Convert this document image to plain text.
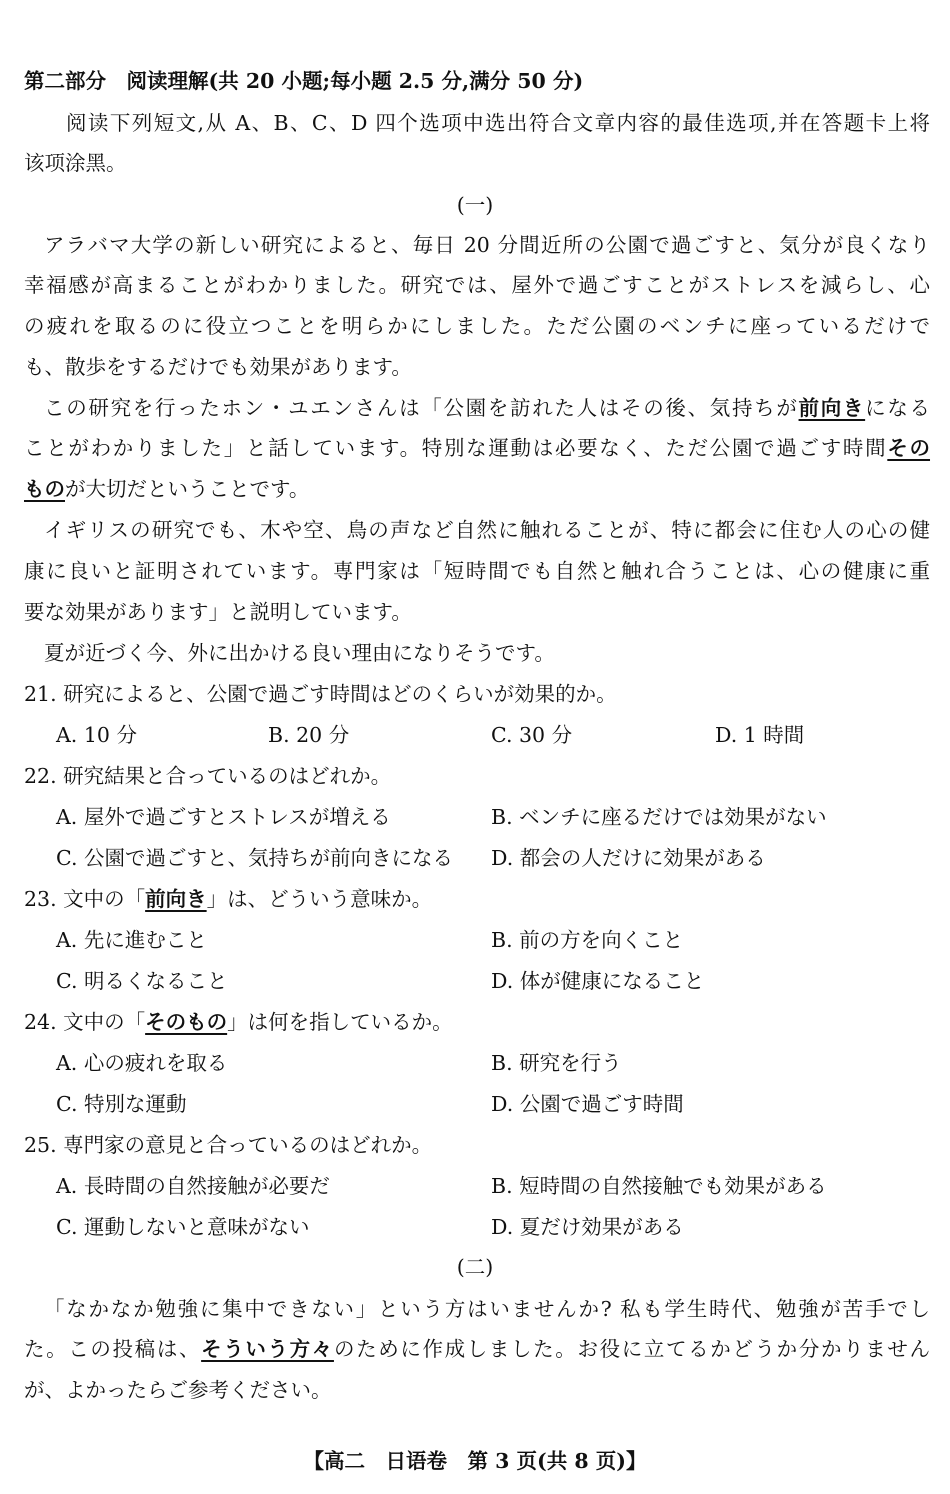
第二部分　阅读理解(共 20 小题;每小题 2.5 分,满分 50 分)

阅读下列短文,从 A、B、C、D 四个选项中选出符合文章内容的最佳选项,并在答题卡上将

该项涂黑。

(一)

アラバマ大学の新しい研究によると、毎日 20 分間近所の公園で過ごすと、気分が良くなり

幸福感が高まることがわかりました。研究では、屋外で過ごすことがストレスを減らし、心

の疲れを取るのに役立つことを明らかにしました。ただ公園のベンチに座っているだけで

も、散歩をするだけでも効果があります。

この研究を行ったホン・ユエンさんは「公園を訪れた人はその後、気持ちが前向きになる

ことがわかりました」と話しています。特別な運動は必要なく、ただ公園で過ごす時間その

ものが大切だということです。

イギリスの研究でも、木や空、鳥の声など自然に触れることが、特に都会に住む人の心の健

康に良いと証明されています。専門家は「短時間でも自然と触れ合うことは、心の健康に重

要な効果があります」と説明しています。

夏が近づく今、外に出かける良い理由になりそうです。

21. 研究によると、公園で過ごす時間はどのくらいが効果的か。

A. 10 分	B. 20 分	C. 30 分	D. 1 時間

22. 研究結果と合っているのはどれか。

A. 屋外で過ごすとストレスが増える	B. ベンチに座るだけでは効果がない

C. 公園で過ごすと、気持ちが前向きになる D. 都会の人だけに効果がある

23. 文中の「前向き」は、どういう意味か。

A. 先に進むこと	B. 前の方を向くこと

C. 明るくなること	D. 体が健康になること

24. 文中の「そのもの」は何を指しているか。

A. 心の疲れを取る	B. 研究を行う

C. 特別な運動	D. 公園で過ごす時間

25. 専門家の意見と合っているのはどれか。

A. 長時間の自然接触が必要だ	B. 短時間の自然接触でも効果がある

C. 運動しないと意味がない	D. 夏だけ効果がある

(二)

「なかなか勉強に集中できない」という方はいませんか? 私も学生時代、勉強が苦手でし

た。この投稿は、そういう方々のために作成しました。お役に立てるかどうか分かりません

が、よかったらご参考ください。

【高二　日语卷　第 3 页(共 8 页)】
